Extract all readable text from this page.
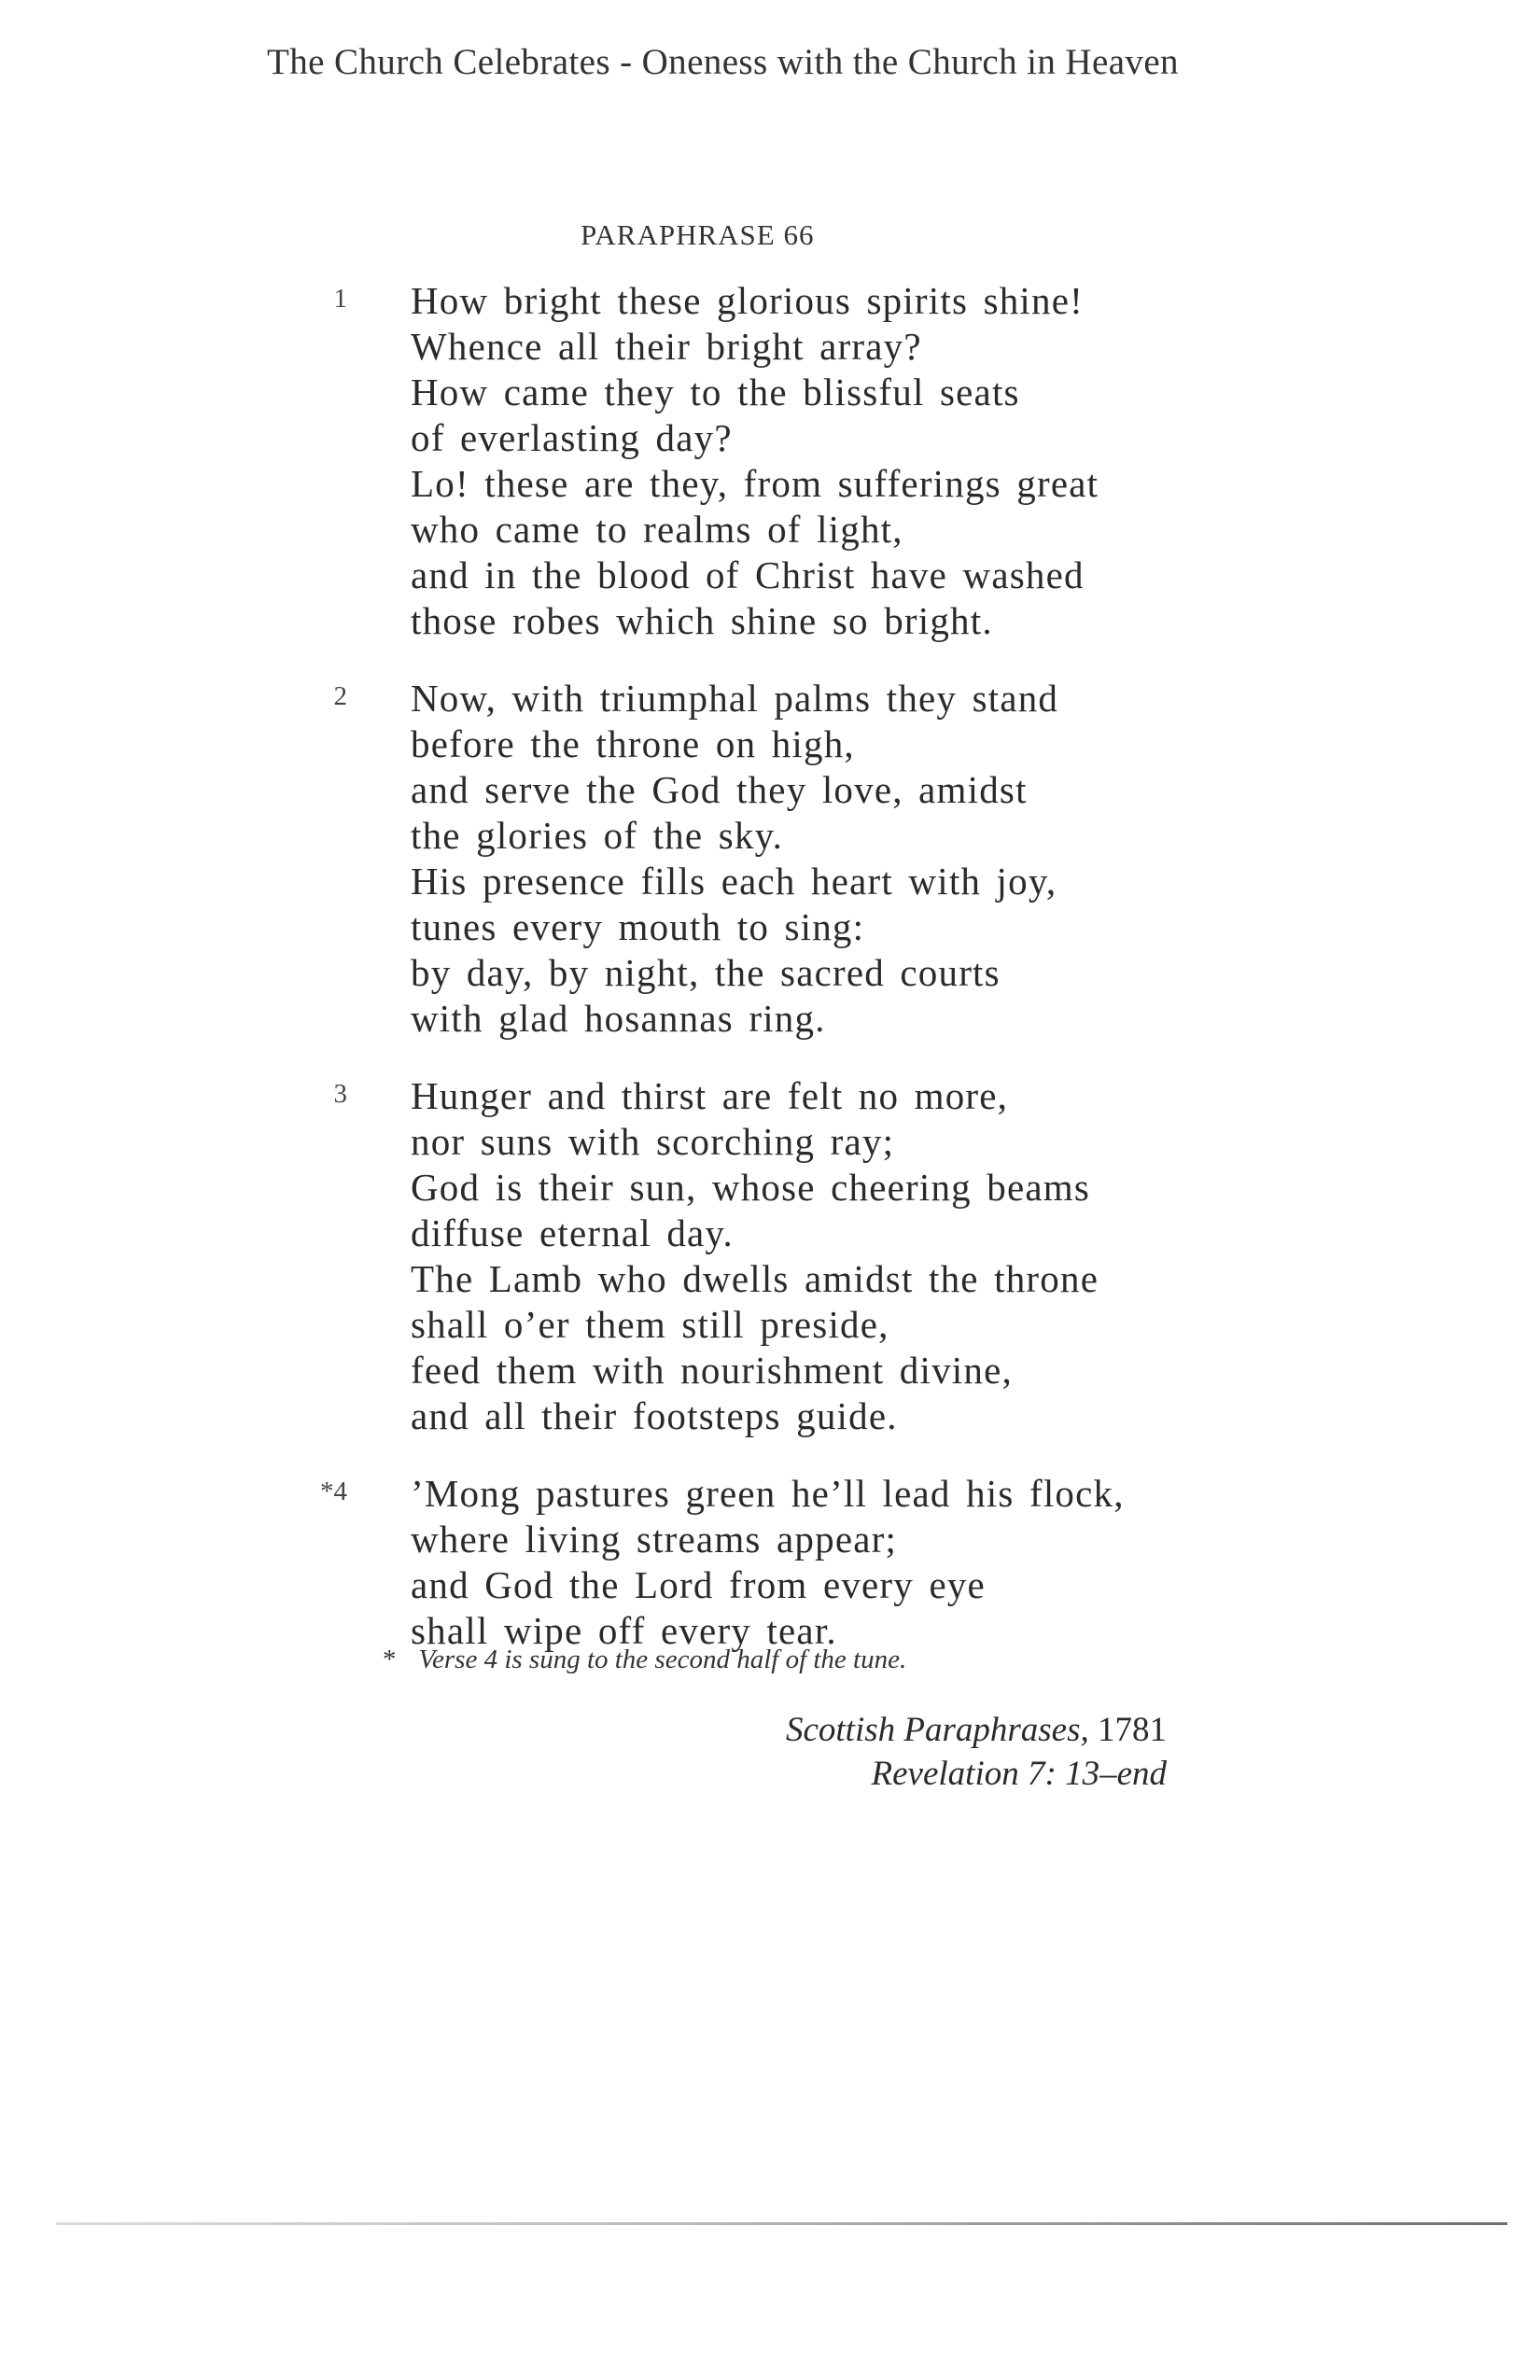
The Church Celebrates - Oneness with the Church in Heaven
PARAPHRASE 66
1 How bright these glorious spirits shine!
Whence all their bright array?
How came they to the blissful seats
of everlasting day?
Lo! these are they, from sufferings great
who came to realms of light,
and in the blood of Christ have washed
those robes which shine so bright.
2 Now, with triumphal palms they stand
before the throne on high,
and serve the God they love, amidst
the glories of the sky.
His presence fills each heart with joy,
tunes every mouth to sing:
by day, by night, the sacred courts
with glad hosannas ring.
3 Hunger and thirst are felt no more,
nor suns with scorching ray;
God is their sun, whose cheering beams
diffuse eternal day.
The Lamb who dwells amidst the throne
shall o’er them still preside,
feed them with nourishment divine,
and all their footsteps guide.
*4 ’Mong pastures green he’ll lead his flock,
where living streams appear;
and God the Lord from every eye
shall wipe off every tear.
* Verse 4 is sung to the second half of the tune.
Scottish Paraphrases, 1781
Revelation 7: 13–end
